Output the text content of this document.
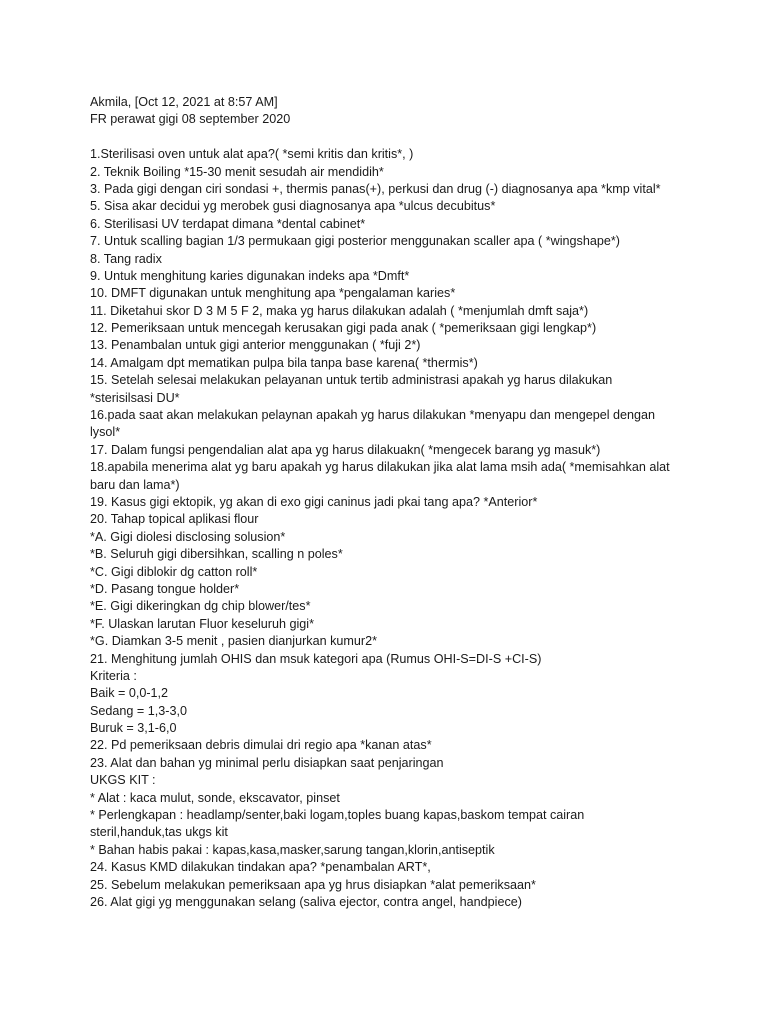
Akmila, [Oct 12, 2021 at 8:57 AM]
FR perawat gigi 08 september 2020
1.Sterilisasi oven untuk alat apa?( *semi kritis dan kritis*, )
2. Teknik Boiling *15-30 menit sesudah air mendidih*
3. Pada gigi dengan ciri sondasi +, thermis panas(+), perkusi dan drug (-) diagnosanya apa *kmp vital*
5. Sisa akar decidui yg merobek gusi diagnosanya apa *ulcus decubitus*
6. Sterilisasi UV terdapat dimana *dental cabinet*
7. Untuk scalling bagian 1/3 permukaan gigi posterior menggunakan scaller apa ( *wingshape*)
8. Tang radix
9. Untuk menghitung karies digunakan indeks apa *Dmft*
10. DMFT digunakan untuk menghitung apa *pengalaman karies*
11. Diketahui skor D 3 M 5 F 2, maka yg harus dilakukan adalah ( *menjumlah dmft saja*)
12. Pemeriksaan untuk mencegah kerusakan gigi pada anak ( *pemeriksaan gigi lengkap*)
13. Penambalan untuk gigi anterior menggunakan ( *fuji 2*)
14. Amalgam dpt mematikan pulpa bila tanpa base karena( *thermis*)
15. Setelah selesai melakukan pelayanan untuk tertib administrasi apakah yg harus dilakukan
*sterisilsasi DU*
16.pada saat akan melakukan pelaynan apakah yg harus dilakukan *menyapu dan mengepel dengan
lysol*
17. Dalam fungsi pengendalian alat apa yg harus dilakuakn( *mengecek barang yg masuk*)
18.apabila menerima alat yg baru apakah yg harus dilakukan jika alat lama msih ada( *memisahkan alat
baru dan lama*)
19. Kasus gigi ektopik, yg akan di exo gigi caninus jadi pkai tang apa? *Anterior*
20. Tahap topical aplikasi flour
*A. Gigi diolesi disclosing solusion*
*B. Seluruh gigi dibersihkan, scalling n poles*
*C. Gigi diblokir dg catton roll*
*D. Pasang tongue holder*
*E. Gigi dikeringkan dg chip blower/tes*
*F. Ulaskan larutan Fluor keseluruh gigi*
*G. Diamkan 3-5 menit , pasien dianjurkan kumur2*
21. Menghitung jumlah OHIS dan msuk kategori apa (Rumus OHI-S=DI-S +CI-S)
Kriteria :
Baik = 0,0-1,2
Sedang = 1,3-3,0
Buruk = 3,1-6,0
22. Pd pemeriksaan debris dimulai dri regio apa *kanan atas*
23. Alat dan bahan yg minimal perlu disiapkan saat penjaringan
UKGS KIT :
* Alat : kaca mulut, sonde, ekscavator, pinset
* Perlengkapan : headlamp/senter,baki logam,toples buang kapas,baskom tempat cairan
steril,handuk,tas ukgs kit
* Bahan habis pakai : kapas,kasa,masker,sarung tangan,klorin,antiseptik
24. Kasus KMD dilakukan tindakan apa? *penambalan ART*,
25. Sebelum melakukan pemeriksaan apa yg hrus disiapkan *alat pemeriksaan*
26. Alat gigi yg menggunakan selang (saliva ejector, contra angel, handpiece)
